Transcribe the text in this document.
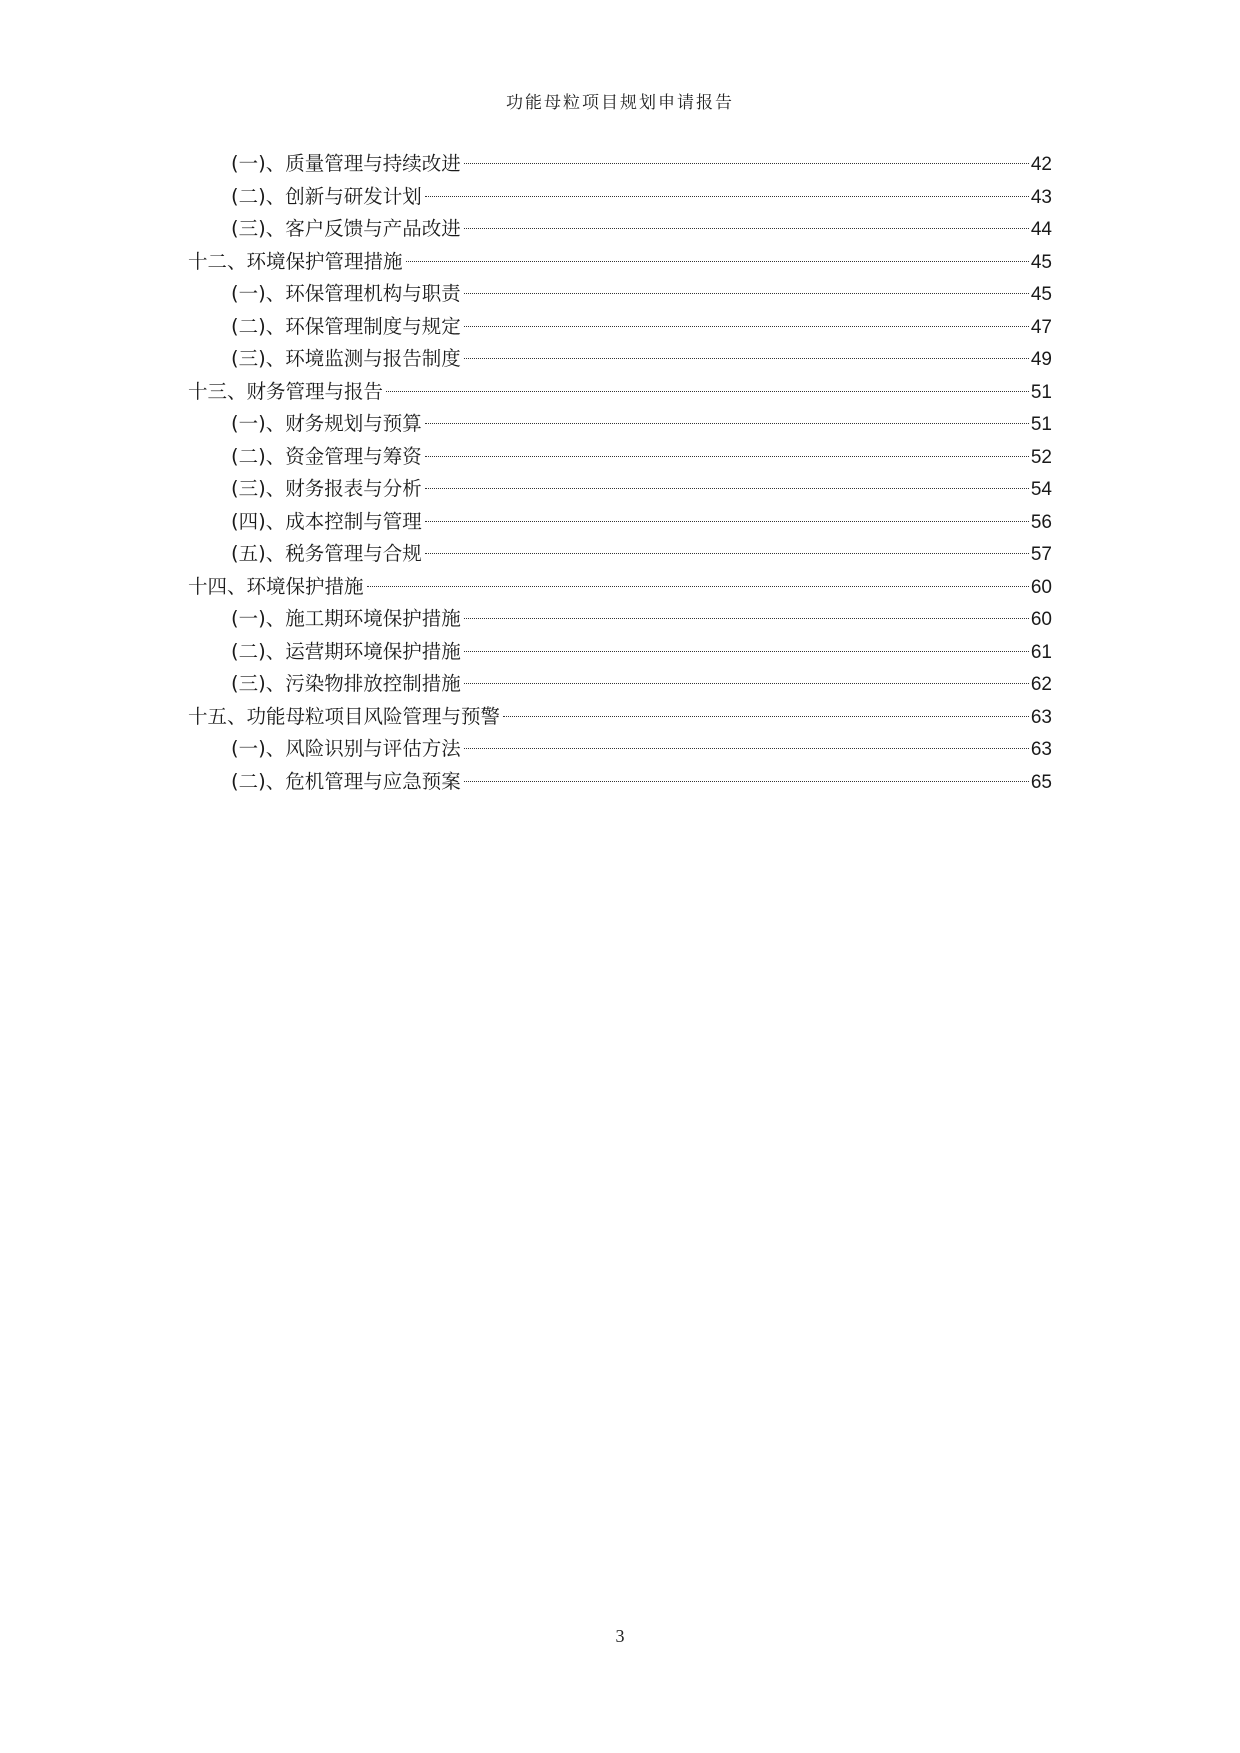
功能母粒项目规划申请报告
(一)、质量管理与持续改进	42
(二)、创新与研发计划	43
(三)、客户反馈与产品改进	44
十二、环境保护管理措施	45
(一)、环保管理机构与职责	45
(二)、环保管理制度与规定	47
(三)、环境监测与报告制度	49
十三、财务管理与报告	51
(一)、财务规划与预算	51
(二)、资金管理与筹资	52
(三)、财务报表与分析	54
(四)、成本控制与管理	56
(五)、税务管理与合规	57
十四、环境保护措施	60
(一)、施工期环境保护措施	60
(二)、运营期环境保护措施	61
(三)、污染物排放控制措施	62
十五、功能母粒项目风险管理与预警	63
(一)、风险识别与评估方法	63
(二)、危机管理与应急预案	65
3
